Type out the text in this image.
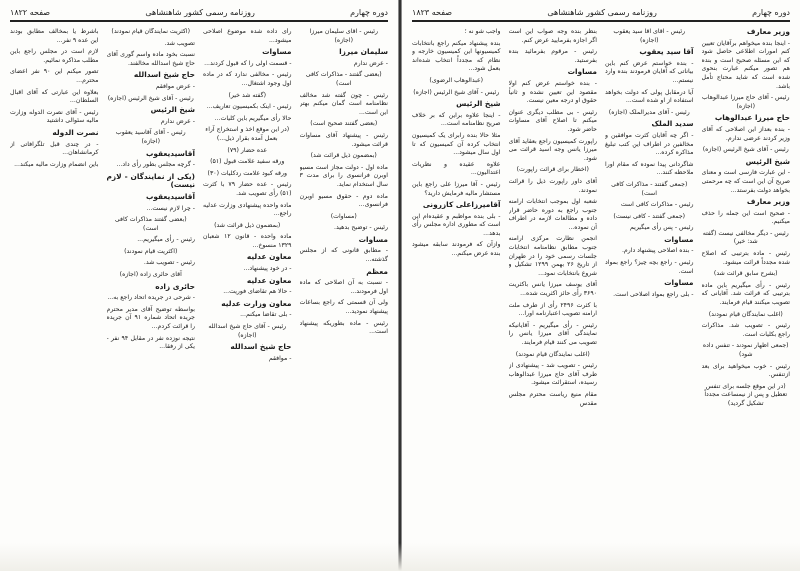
صفحه ۱۸۲۳	روزنامه رسمی کشور شاهنشاهی	دوره چهارم

وزیر معارف

- اینجا بنده میخواهم برآقایان تعیین کنم امورات اطلاعی حاصل شود که این مسئله صحیح است و بنده هم تصور میکنم عبارت بنحوی شده است که شاید محتاج تأمل باشد.

رئیس - آقای حاج میرزا عبدالوهاب (اجازه)

حاج میرزا عبدالوهاب

- بنده بعداز این اصلاحی که آقای وزیر کردند عرضی ندارم.

رئیس - آقای شیخ الرئیس (اجازه)

شیخ الرئیس

- این عبارت فارسی است و معنای صریح آن این است که چه مرحمتی بخواهد دولت بفرستد...

وزیر معارف

- صحیح است این جمله را حذف میکنیم.

رئیس - دیگر مخالفی نیست (گفته شد: خیر)

رئیس - ماده بترتیبی که اصلاح شده مجدداً قرائت میشود.

(بشرح سابق قرائت شد)

رئیس - رأی میگیریم باین ماده بترتیبی که قرائت شد. آقایانی که تصویب میکنند قیام فرمایند.

(اغلب نمایندگان قیام نمودند)

رئیس - تصویب شد. مذاکرات راجع بکلیات است.

(جمعی اظهار نمودند - تنفس داده شود)

رئیس - خوب میخواهید برای بعد ازتنفس.

(در این موقع جلسه برای تنفس تعطیل و پس از نیمساعت مجدداً تشکیل گردید)

رئیس - آقای آقا سید یعقوب (اجازه)

آقا سید یعقوب

- بنده خواستم عرض کنم باین بیاناتی که آقایان فرمودند بنده وارد نیستم...

آیا درمقابل پولی که دولت بخواهد استفاده از او شده است...

رئیس - آقای مدیرالملک (اجازه)

سدید الملک

- اگر چه آقایان کثرت موافقین و مخالفین در اطراف این کتب تبلیغ مذاکره کرده...

شاگردانی پیدا نموده که مقام اورا ملاحظه کنند...

(جمعی گفتند - مذاکرات کافی است)

رئیس - مذاکرات کافی است

(جمعی گفتند - کافی نیست)

رئیس - پس رأی میگیریم

مساوات

- بنده اصلاحی پیشنهاد دارم.

رئیس - راجع بچه چیز؟ راجع بمواد است.

مساوات

- بلی راجع بمواد اصلاحی است.

بنظر بنده وجه صواب این است اگر اجازه بفرمایید عرض کنم.

رئیس - مرقوم بفرمائید بنده بفرستید.

مساوات

- بنده خواستم عرض کنم اولا مقصود این تعیین نشده و ثانیاً حقوق او درجه معین نیست.

رئیس - بی مطلب دیگری عنوان میکنم تا اصلاح آقای مساوات حاضر شود.

راپورت کمیسیون راجع بعقاید آقای میرزا یانس وجه اسید قرائت می شود.

(اخطار برای قرائت راپورت)

آقای داور راپورت ذیل را قرائت نمودند.

شعبه اول بموجب انتخابات ارامنه جنوب راجع به دوره حاضر قرار داده و مطالعات لازمه در اطراف آن نموده...

انجمن نظارت مرکزی ارامنه جنوب مطابق نظامنامه انتخابات جلسات رسمی خود را در طهران از تاریخ ۲۶ بهمن ۱۲۹۹ تشکیل و شروع بانتخابات نمود...

آقای یوسف میرزا یانس باکثریت ۳۶۹۰ رأی حائز اکثریت شده...

با کثرت ۲۴۹۶ رأی از طرف ملت ارامنه تصویب اعتبارنامه اورا...

رئیس - رأی میگیریم - آقایانیکه نمایندگی آقای میرزا یانس را تصویب می کنند قیام فرمایند.

(اغلب نمایندگان قیام نمودند)

رئیس - تصویب شد - پیشنهادی از طرف آقای حاج میرزا عبدالوهاب رسیده، استقرائت میشود.

مقام منیع ریاست محترم مجلس مقدس

واجب شو نه ؛

بنده پیشنهاد میکنم راجع بانتخابات کمیسیونها این کمیسیون خارجه و نظام که مجدداً انتخاب شده‌اند بعمل شود...

(عبدالوهاب الرضوی)

رئیس - آقای شیخ الرئیس (اجازه)

شیخ الرئیس

- اینجا علاوه براین که بر خلاف صریح نظامنامه است...

مثلا حالا بنده رابرای یک کمیسیون انتخاب کرده آن کمیسیون که تا اول سال میشود...

علاوه عقیده و نظریات اعتدالیون...

رئیس - آقا میرزا علی راجع باین مستشار مالیه فرمایش دارید؟

آقامیرزاعلی کازرونی

- بلی بنده مواظبم و عقیده‌ام این است که مطوری اداره مجلس رأی بدهد...

وازآن که فرمودند سابقه میشود بنده عرض میکنم...

صفحه ۱۸۲۲	روزنامه رسمی کشور شاهنشاهی	دوره چهارم

رئیس - آقای سلیمان میرزا (اجازه)

سلیمان میرزا

- عرض ندارم

(بعضی گفتند - مذاکرات کافی است)

رئیس - چون گفته شد مخالف نظامنامه است گمان میکنم بهتر این است...

(بعضی گفتند صحیح است)

رئیس - پیشنهاد آقای مساوات قرائت میشود.

(بمضمون ذیل قرائت شد)

ماده اول - دولت مجاز است مسیو اوبرن فرانسوی را برای مدت ۳ سال استخدام نماید.

ماده دوم - حقوق مسیو اوبرن فرانسوی...

(مساوات)

رئیس - توضیح بدهید.

مساوات

- مطابق قانونی که از مجلس گذشته...

معظم

- نسبت به آن اصلاحی که ماده اول فرمودند...

ولی آن قسمتی که راجع بساعات پیشنهاد نمودید...

رئیس - ماده بطوریکه پیشنهاد است...

رأی داده شده موضوع اصلاحی میشود...

مساوات

- قسمت اولی را که قبول کردند...

رئیس - مخالفی ندارد که در ماده اول وجود اشتغال...

(گفته شد خیر)

رئیس - اینک بکمیسیون تعاریف...

حالا رأی میگیریم باین کلیات...

(در این موقع اخذ و استخراج آراء بعمل آمده بقرار ذیل...)

عده حضار (۷۹)

ورقه سفید علامت قبول (۵۱)

ورقه کبود علامت ردکلیات (۳۰)

رئیس - عده حضار ۷۹ با کثرت (۵۱) رأی تصویب شد.

ماده واحده پیشنهادی وزارت عدلیه راجع...

(بمضمون ذیل قرائت شد)

ماده واحده - قانون ۱۲ شعبان ۱۳۲۹ منسوخ...

معاون عدلیه

- در خود پیشنهاد...

معاون عدلیه

- حالا هم تقاضای فوریت...

معاون وزارت عدلیه

- بلی تقاضا میکنم...

رئیس - آقای حاج شیخ اسدالله (اجازه)

حاج شیخ اسدالله

- موافقم

(اکثریت نمایندگان قیام نمودند)

تصویب شد.

نسبت بخود ماده واسم گوری آقای حاج شیخ اسدالله مخالفند.

حاج شیخ اسدالله

- عرض موافقم

رئیس - آقای شیخ الرئیس (اجازه)

شیخ الرئیس

- عرض ندارم

رئیس - آقای آقاسید یعقوب (اجازه)

آقاسیدیعقوب

- گرچه مجلس بطور رأی داد...

(یکی از نمایندگان - لازم نیست)

آقاسیدیعقوب

- چرا لازم نیست...

(بعضی گفتند مذاکرات کافی است)

رئیس - رأی میگیریم...

(اکثریت قیام نمودند)

رئیس - تصویب شد.

آقای حائری زاده (اجازه)

حائری زاده

- شرحی در جریده اتحاد راجع به...

بواسطه توضیح آقای مدیر محترم جریده اتحاد شماره ۹۱ آن جریده را قرائت کردم...

نتیجه نوزده نفر در مقابل ۹۴ نفر - یکی از رفقا...

باشرط یا بمخالف مطابق بودند این عده ۹ نفر...

لازم است در مجلس راجع باین مطلب مذاکره نمائیم.

تصور میکنم این ۹۰ نفر اعضای محترم...

بعلاوه این عبارتی که آقای اقبال السلطان...

رئیس - آقای نصرت الدوله وزارت مالیه سئوالی داشتید

نصرت الدوله

- در چندی قبل تلگرافاتی از کرمانشاهان...

باین انضمام وزارت مالیه میکند...
